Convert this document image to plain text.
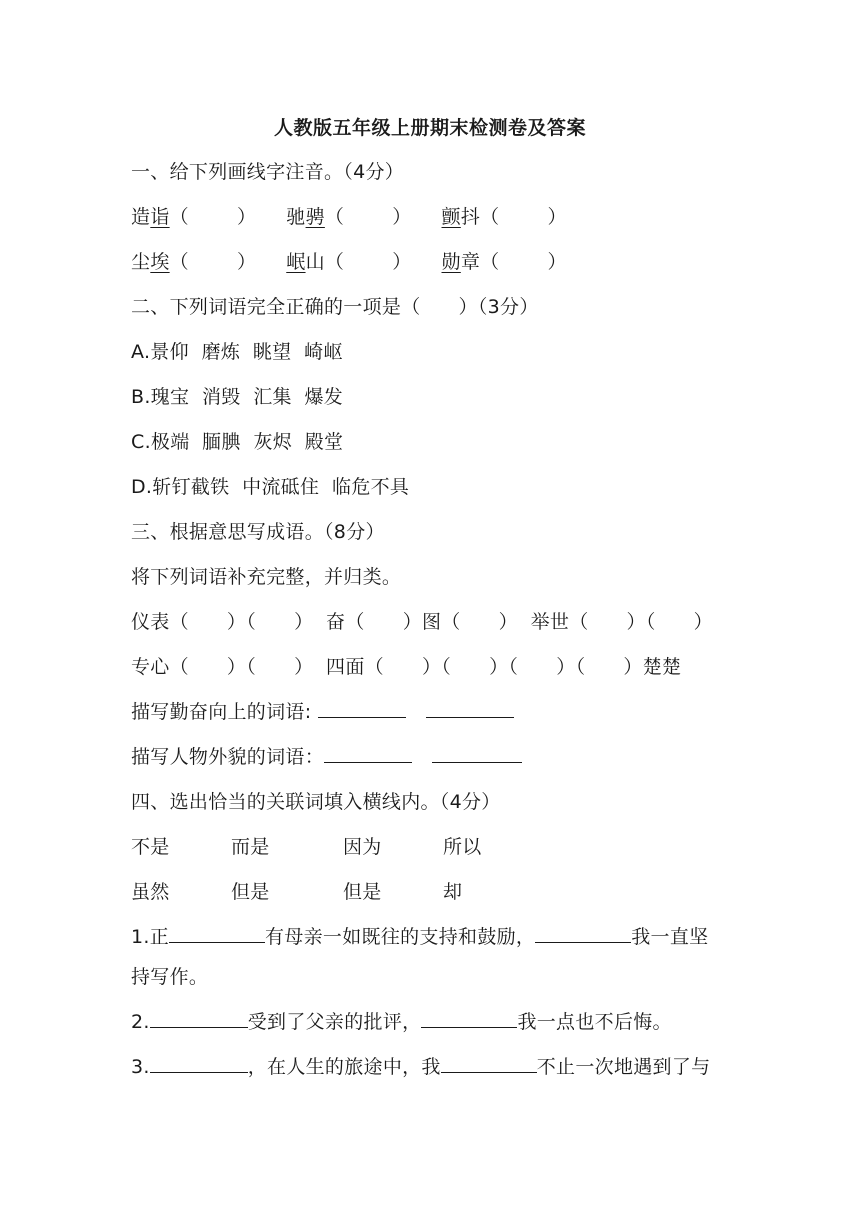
人教版五年级上册期末检测卷及答案
一、给下列画线字注音。（4分）
造诣（	） 驰骋（	） 颤抖（	）
尘埃（	） 岷山（	） 勋章（	）
二、下列词语完全正确的一项是（      ）（3分）
A.景仰  磨炼  眺望  崎岖
B.瑰宝  消毁  汇集  爆发
C.极端  腼腆  灰烬  殿堂
D.斩钉截铁  中流砥住  临危不具
三、根据意思写成语。（8分）
将下列词语补充完整，并归类。
仪表（      ）（      ）  奋（      ）图（      ）  举世（      ）（      ）
专心（      ）（      ）  四面（      ）（      ）（      ）（      ）楚楚
描写勤奋向上的词语:
描写人物外貌的词语：
四、选出恰当的关联词填入横线内。（4分）
不是	而是	因为	所以
虽然	但是	但是	却
1.正	有母亲一如既往的支持和鼓励，	我一直坚
持写作。
2.	受到了父亲的批评，	我一点也不后悔。
3.	，在人生的旅途中，我	不止一次地遇到了与
